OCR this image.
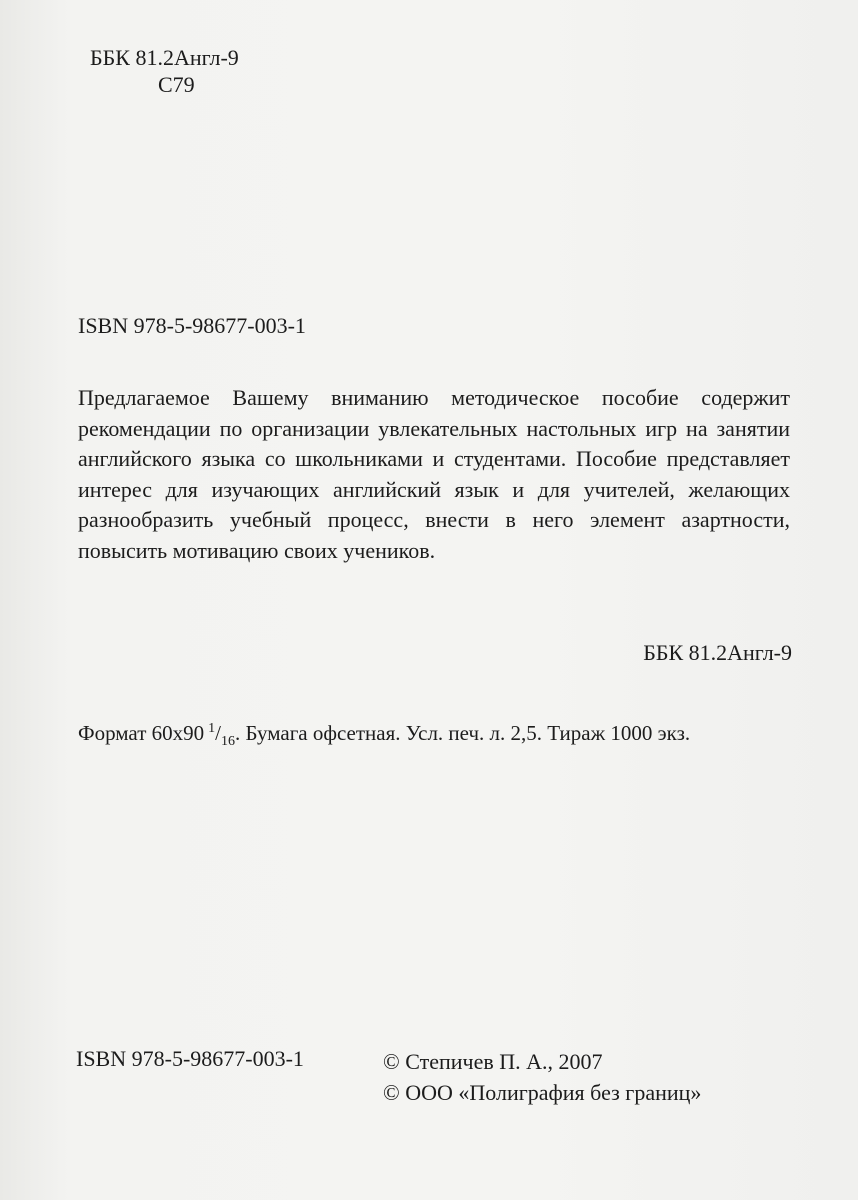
ББК 81.2Англ-9
С79
ISBN 978-5-98677-003-1

Предлагаемое Вашему вниманию методическое пособие содержит рекомендации по организации увлекательных настольных игр на занятии английского языка со школьниками и студентами. Пособие представляет интерес для изучающих английский язык и для учителей, желающих разнообразить учебный процесс, внести в него элемент азартности, повысить мотивацию своих учеников.

ББК 81.2Англ-9
Формат 60x90 $^1/_{16}$. Бумага офсетная. Усл. печ. л. 2,5. Тираж 1000 экз.
ISBN 978-5-98677-003-1	© Степичев П. А., 2007
© ООО «Полиграфия без границ»
